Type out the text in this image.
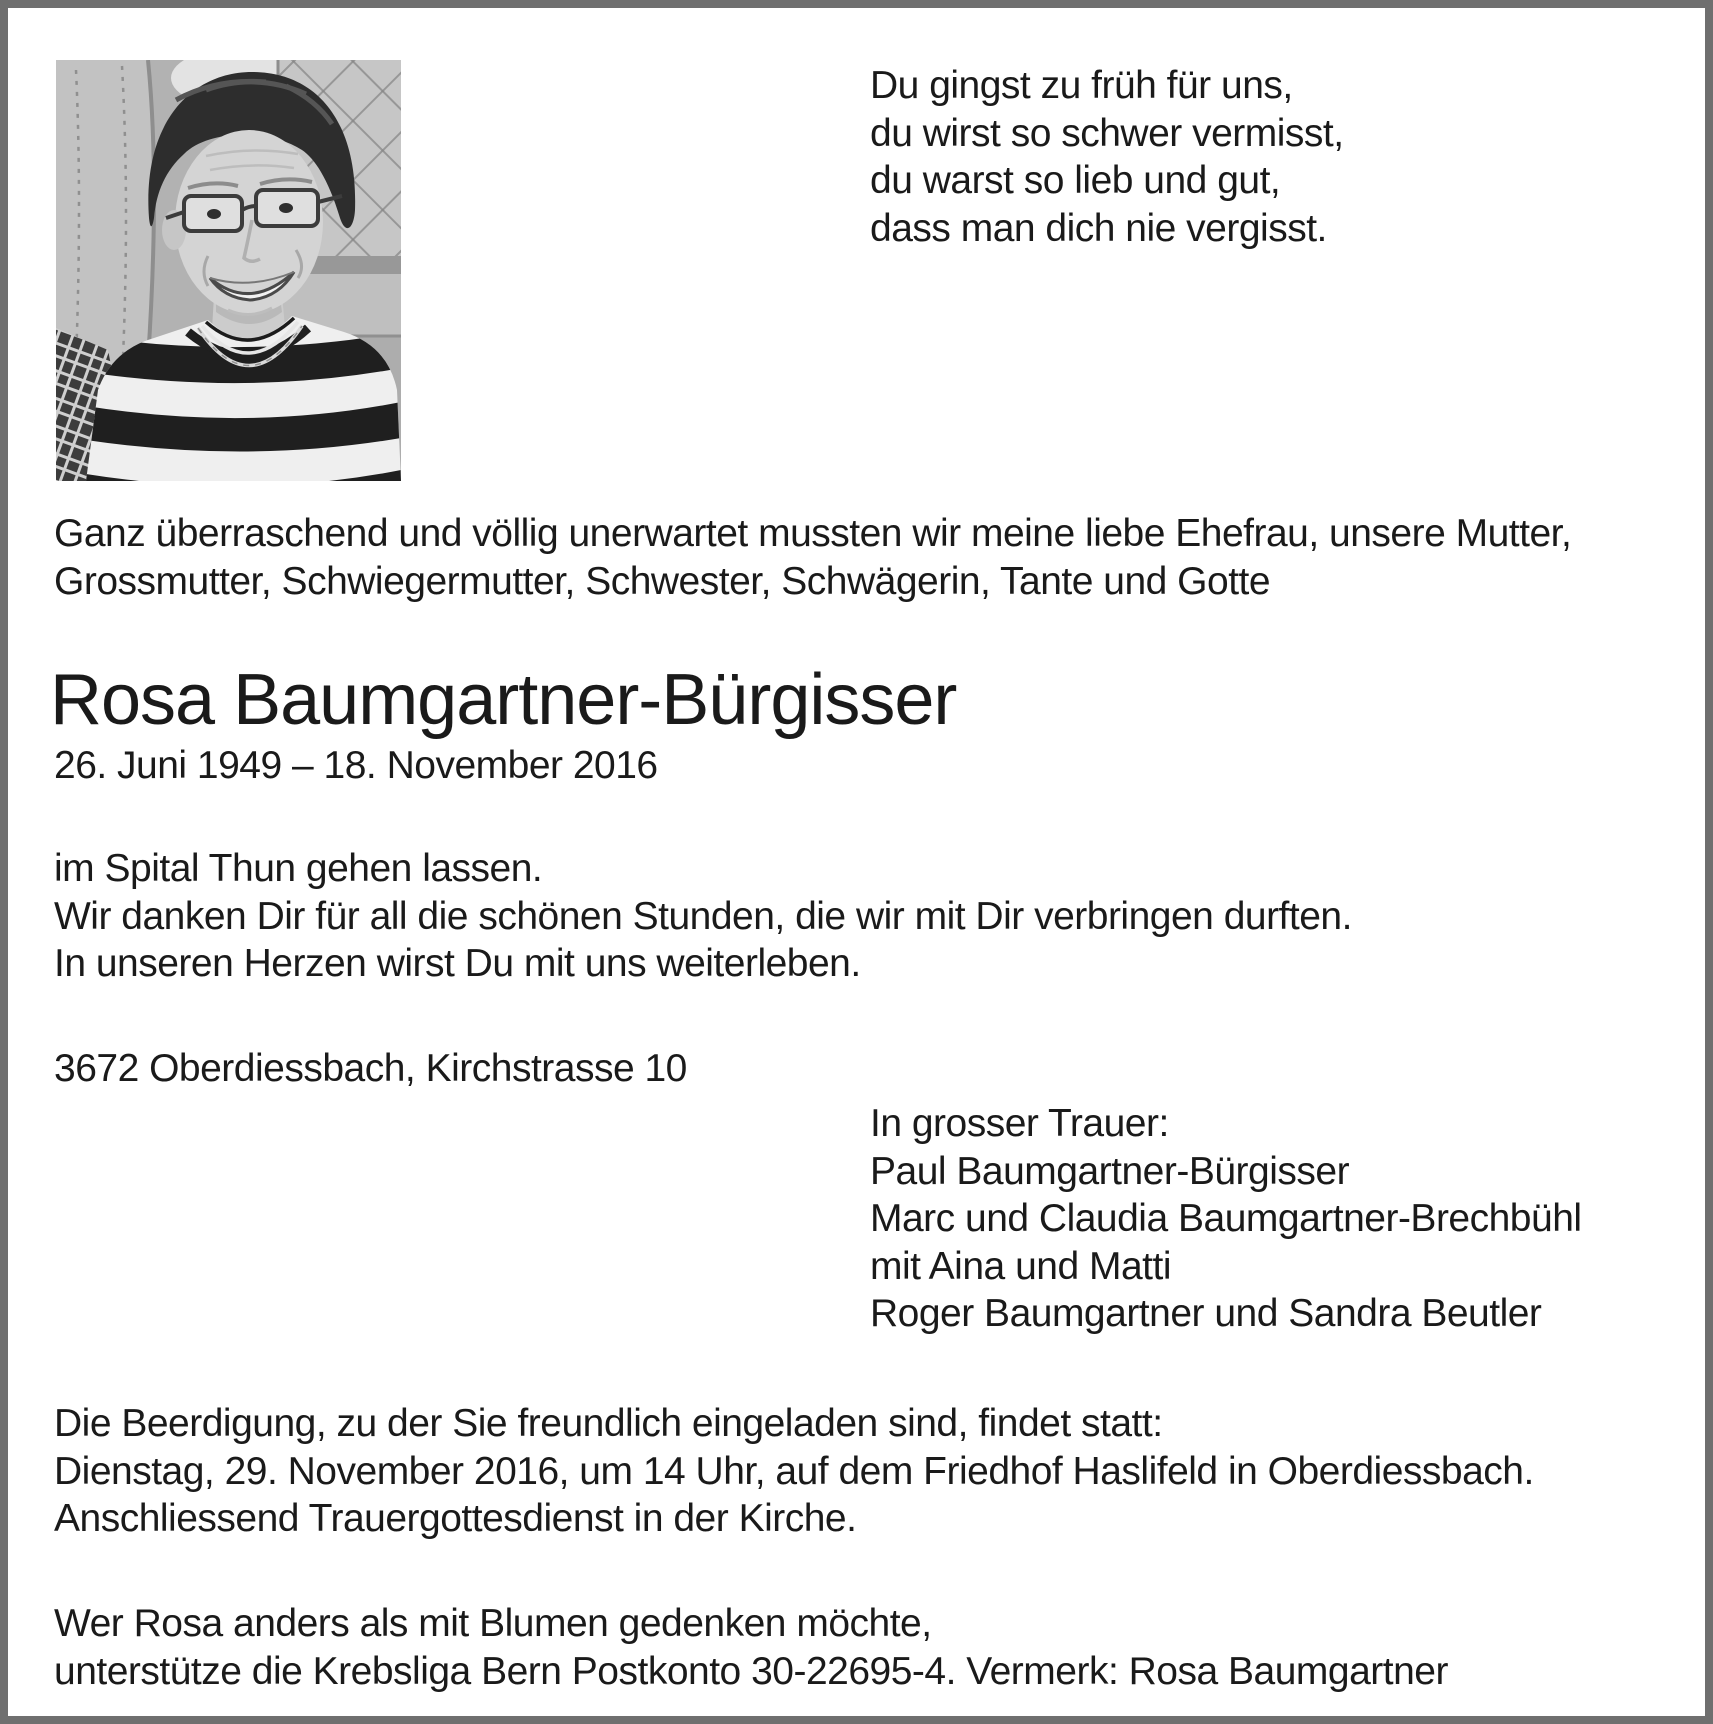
Du gingst zu früh für uns,
du wirst so schwer vermisst,
du warst so lieb und gut,
dass man dich nie vergisst.
Ganz überraschend und völlig unerwartet mussten wir meine liebe Ehefrau, unsere Mutter,
Grossmutter, Schwiegermutter, Schwester, Schwägerin, Tante und Gotte
Rosa Baumgartner-Bürgisser
26. Juni 1949 – 18. November 2016
im Spital Thun gehen lassen.
Wir danken Dir für all die schönen Stunden, die wir mit Dir verbringen durften.
In unseren Herzen wirst Du mit uns weiterleben.
3672 Oberdiessbach, Kirchstrasse 10
In grosser Trauer:
Paul Baumgartner-Bürgisser
Marc und Claudia Baumgartner-Brechbühl
mit Aina und Matti
Roger Baumgartner und Sandra Beutler
Die Beerdigung, zu der Sie freundlich eingeladen sind, findet statt:
Dienstag, 29. November 2016, um 14 Uhr, auf dem Friedhof Haslifeld in Oberdiessbach.
Anschliessend Trauergottesdienst in der Kirche.
Wer Rosa anders als mit Blumen gedenken möchte,
unterstütze die Krebsliga Bern Postkonto 30-22695-4. Vermerk: Rosa Baumgartner
